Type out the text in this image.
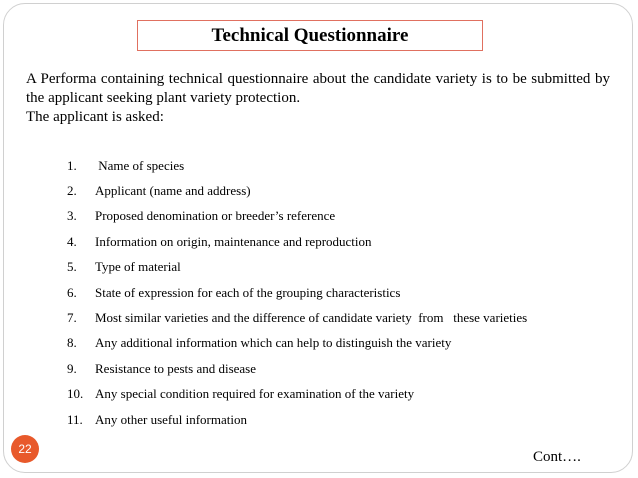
Technical Questionnaire

A Performa containing technical questionnaire about the candidate variety is to be submitted by the applicant seeking plant variety protection.

The applicant is asked:

1.	Name of species
2.	Applicant (name and address)
3.	Proposed denomination or breeder’s reference
4.	Information on origin, maintenance and reproduction
5.	Type of material
6.	State of expression for each of the grouping characteristics
7.	Most similar varieties and the difference of candidate variety  from   these varieties
8.	Any additional information which can help to distinguish the variety
9.	Resistance to pests and disease
10. Any special condition required for examination of the variety
11. Any other useful information
22	Cont….
